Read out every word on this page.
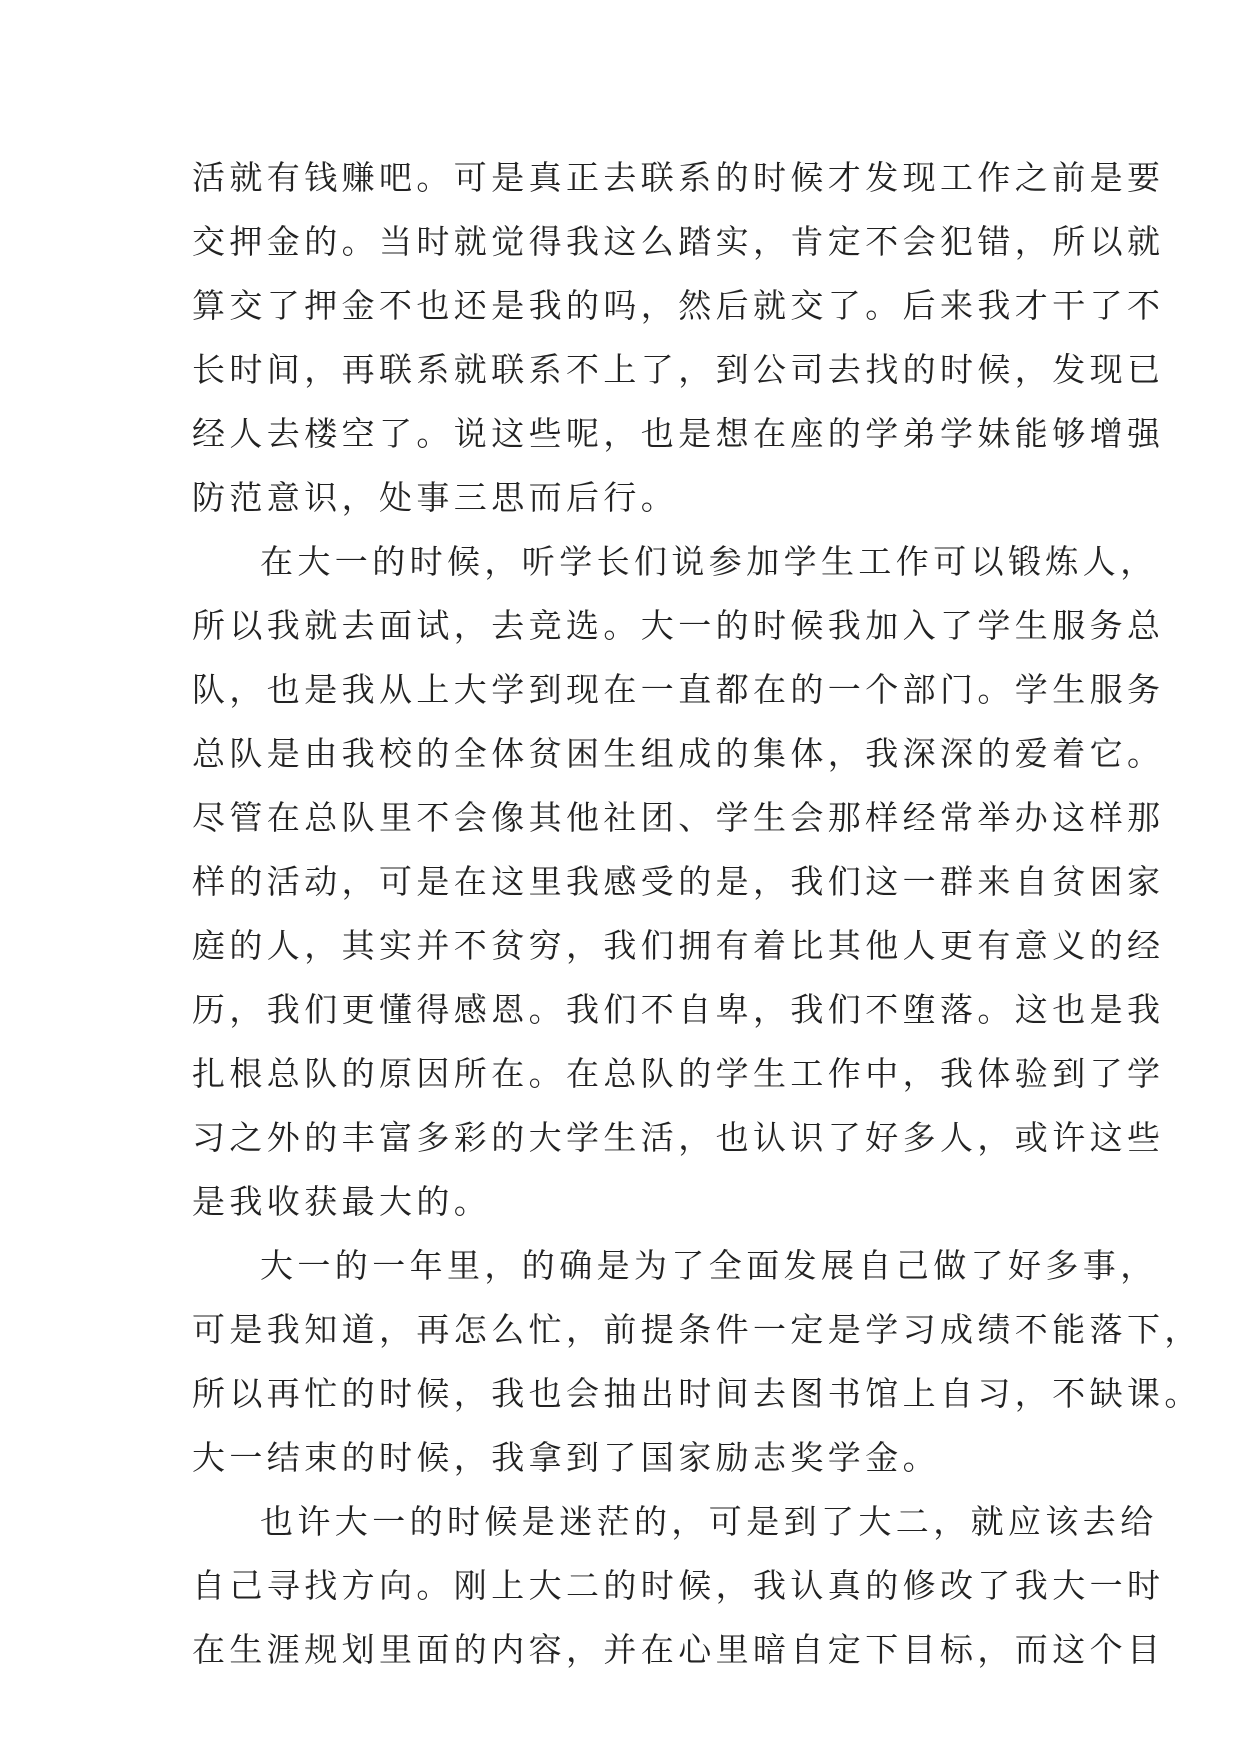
活就有钱赚吧。可是真正去联系的时候才发现工作之前是要
交押金的。当时就觉得我这么踏实，肯定不会犯错，所以就
算交了押金不也还是我的吗，然后就交了。后来我才干了不
长时间，再联系就联系不上了，到公司去找的时候，发现已
经人去楼空了。说这些呢，也是想在座的学弟学妹能够增强
防范意识，处事三思而后行。
在大一的时候，听学长们说参加学生工作可以锻炼人，
所以我就去面试，去竞选。大一的时候我加入了学生服务总
队，也是我从上大学到现在一直都在的一个部门。学生服务
总队是由我校的全体贫困生组成的集体，我深深的爱着它。
尽管在总队里不会像其他社团、学生会那样经常举办这样那
样的活动，可是在这里我感受的是，我们这一群来自贫困家
庭的人，其实并不贫穷，我们拥有着比其他人更有意义的经
历，我们更懂得感恩。我们不自卑，我们不堕落。这也是我
扎根总队的原因所在。在总队的学生工作中，我体验到了学
习之外的丰富多彩的大学生活，也认识了好多人，或许这些
是我收获最大的。
大一的一年里，的确是为了全面发展自己做了好多事，
可是我知道，再怎么忙，前提条件一定是学习成绩不能落下，
所以再忙的时候，我也会抽出时间去图书馆上自习，不缺课。
大一结束的时候，我拿到了国家励志奖学金。
也许大一的时候是迷茫的，可是到了大二，就应该去给
自己寻找方向。刚上大二的时候，我认真的修改了我大一时
在生涯规划里面的内容，并在心里暗自定下目标，而这个目
